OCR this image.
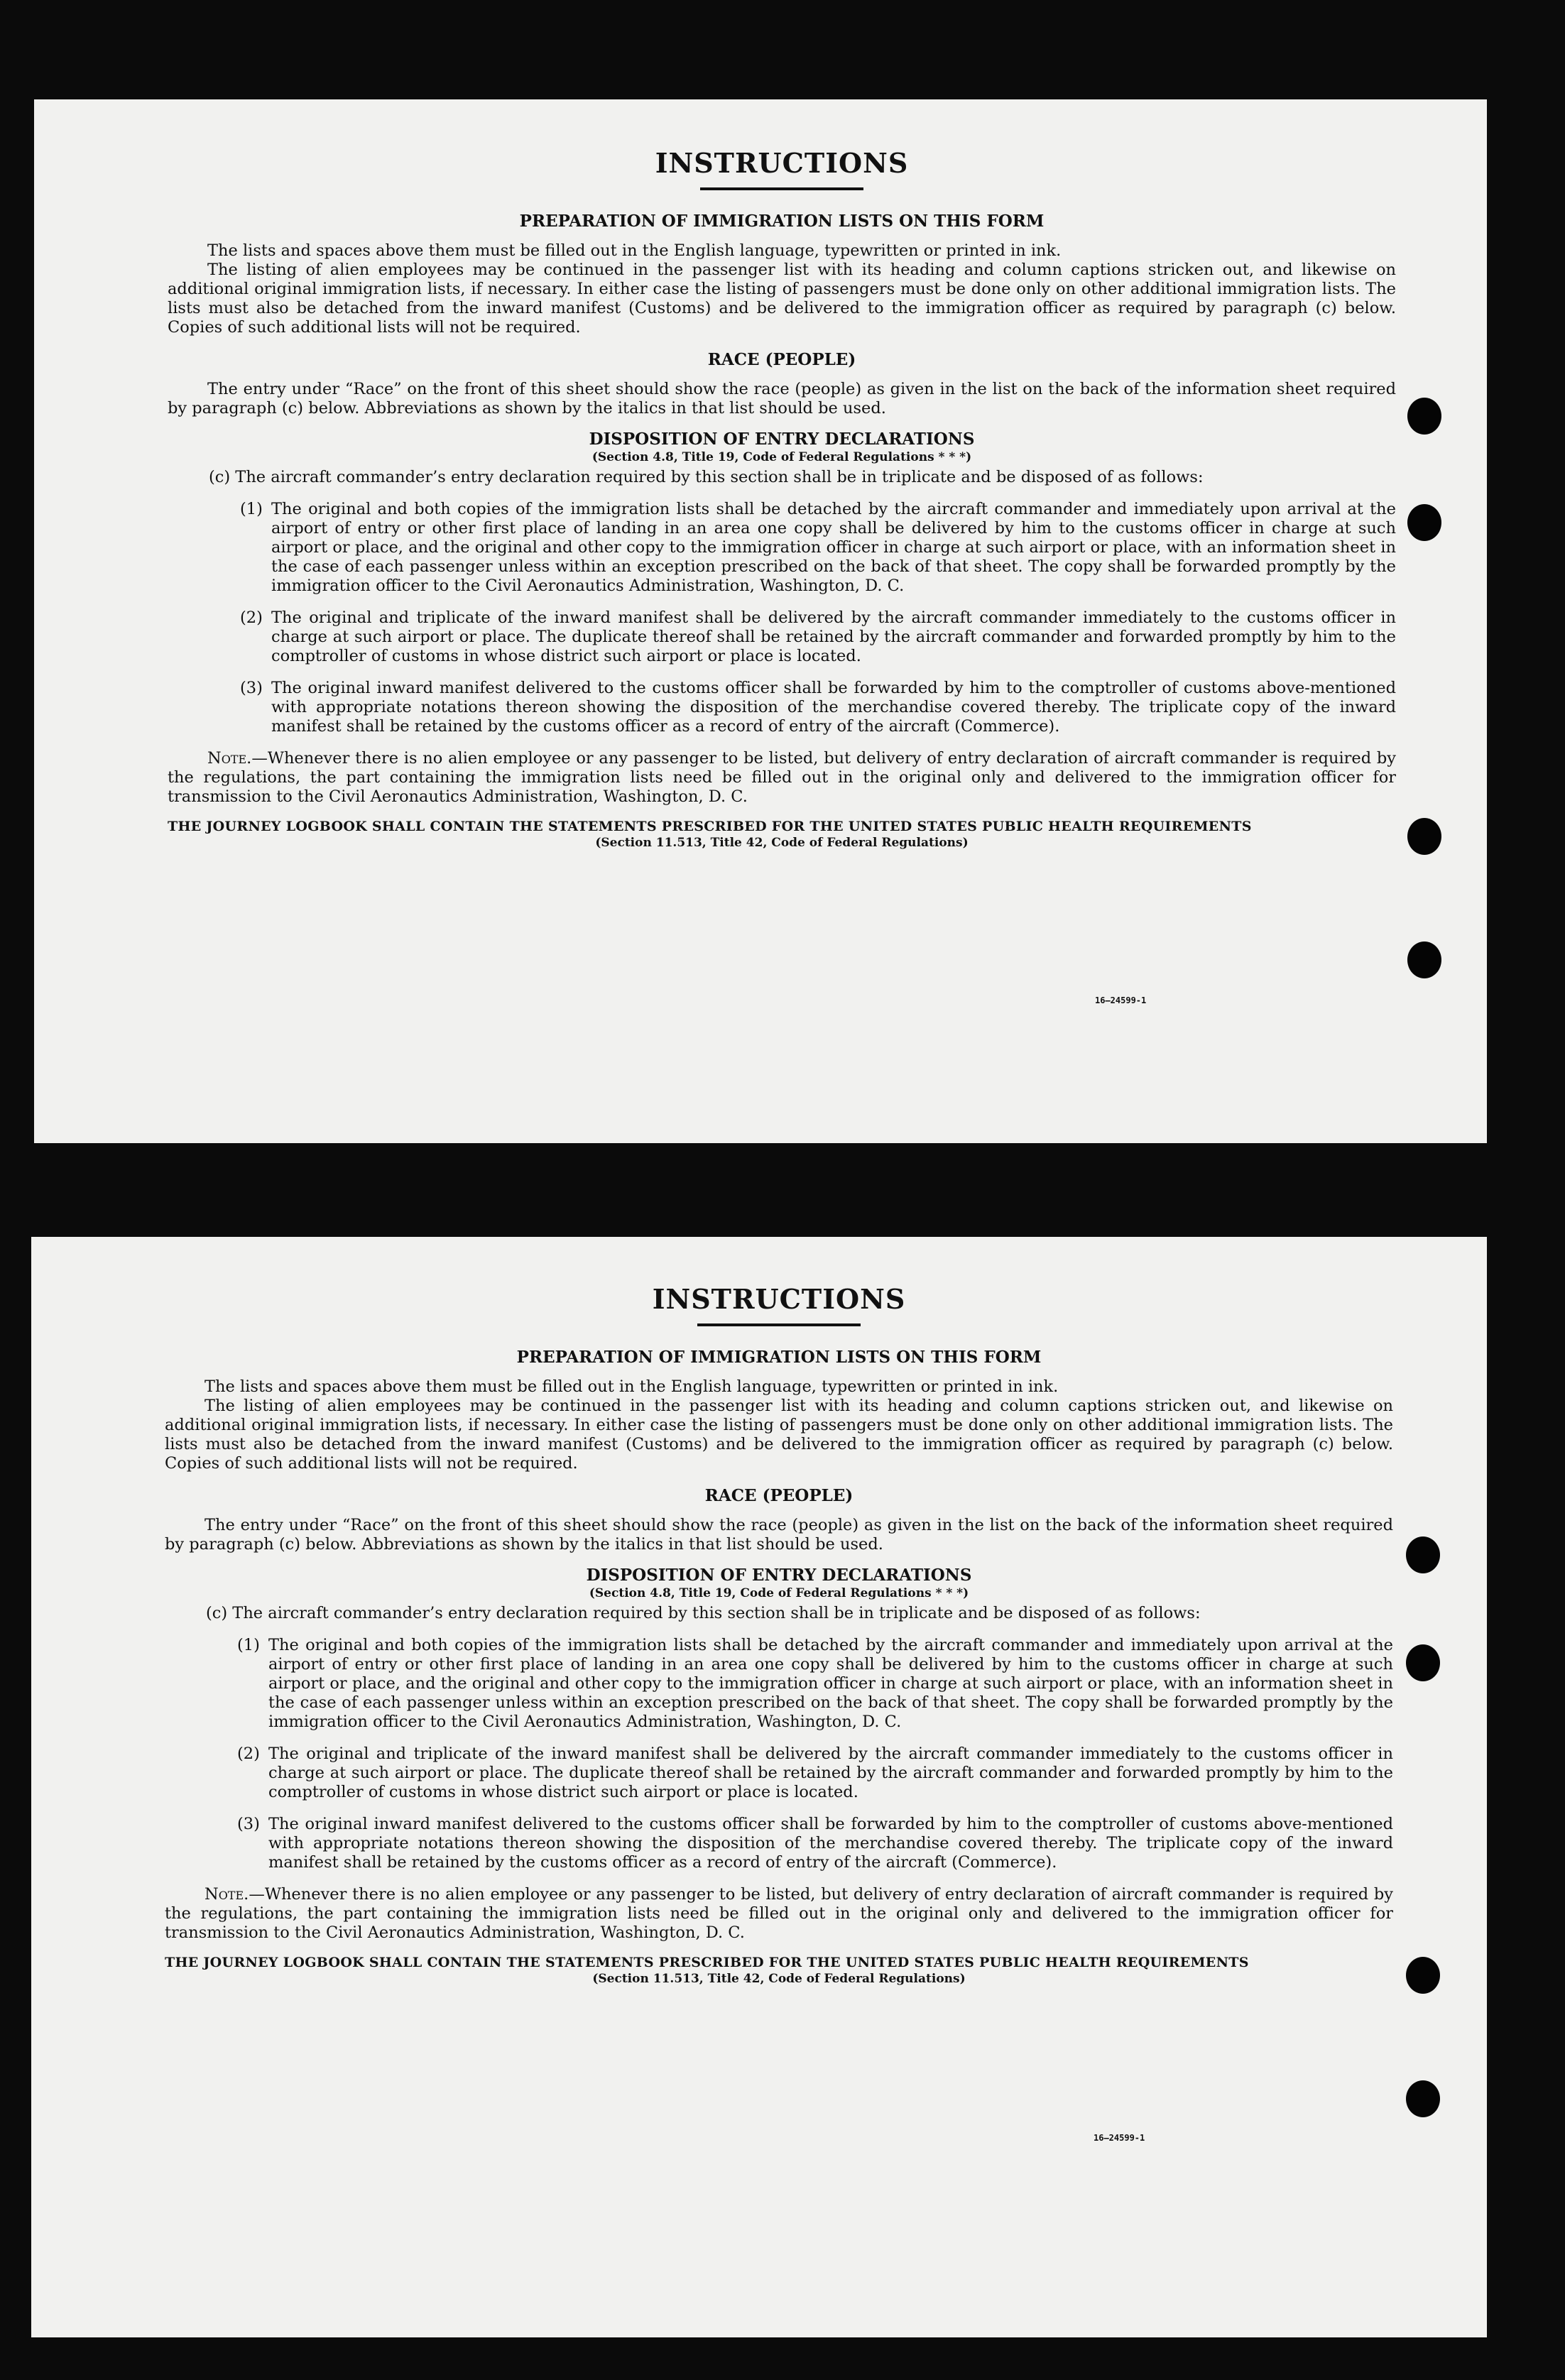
INSTRUCTIONS
PREPARATION OF IMMIGRATION LISTS ON THIS FORM

The lists and spaces above them must be filled out in the English language, typewritten or printed in ink.

The listing of alien employees may be continued in the passenger list with its heading and column captions stricken out, and likewise on additional original immigration lists, if necessary. In either case the listing of passengers must be done only on other additional immigration lists. The lists must also be detached from the inward manifest (Customs) and be delivered to the immigration officer as required by paragraph (c) below. Copies of such additional lists will not be required.

RACE (PEOPLE)

The entry under “Race” on the front of this sheet should show the race (people) as given in the list on the back of the information sheet required by paragraph (c) below. Abbreviations as shown by the italics in that list should be used.

DISPOSITION OF ENTRY DECLARATIONS

(Section 4.8, Title 19, Code of Federal Regulations * * *)

(c) The aircraft commander’s entry declaration required by this section shall be in triplicate and be disposed of as follows:

(1) The original and both copies of the immigration lists shall be detached by the aircraft commander and immediately upon arrival at the airport of entry or other first place of landing in an area one copy shall be delivered by him to the customs officer in charge at such airport or place, and the original and other copy to the immigration officer in charge at such airport or place, with an information sheet in the case of each passenger unless within an exception prescribed on the back of that sheet. The copy shall be forwarded promptly by the immigration officer to the Civil Aeronautics Administration, Washington, D. C.

(2) The original and triplicate of the inward manifest shall be delivered by the aircraft commander immediately to the customs officer in charge at such airport or place. The duplicate thereof shall be retained by the aircraft commander and forwarded promptly by him to the comptroller of customs in whose district such airport or place is located.

(3) The original inward manifest delivered to the customs officer shall be forwarded by him to the comptroller of customs above-mentioned with appropriate notations thereon showing the disposition of the merchandise covered thereby. The triplicate copy of the inward manifest shall be retained by the customs officer as a record of entry of the aircraft (Commerce).

Note.—Whenever there is no alien employee or any passenger to be listed, but delivery of entry declaration of aircraft commander is required by the regulations, the part containing the immigration lists need be filled out in the original only and delivered to the immigration officer for transmission to the Civil Aeronautics Administration, Washington, D. C.

THE JOURNEY LOGBOOK SHALL CONTAIN THE STATEMENTS PRESCRIBED FOR THE UNITED STATES PUBLIC HEALTH REQUIREMENTS

(Section 11.513, Title 42, Code of Federal Regulations)

16—24599-1
INSTRUCTIONS
PREPARATION OF IMMIGRATION LISTS ON THIS FORM

The lists and spaces above them must be filled out in the English language, typewritten or printed in ink.

The listing of alien employees may be continued in the passenger list with its heading and column captions stricken out, and likewise on additional original immigration lists, if necessary. In either case the listing of passengers must be done only on other additional immigration lists. The lists must also be detached from the inward manifest (Customs) and be delivered to the immigration officer as required by paragraph (c) below. Copies of such additional lists will not be required.

RACE (PEOPLE)

The entry under “Race” on the front of this sheet should show the race (people) as given in the list on the back of the information sheet required by paragraph (c) below. Abbreviations as shown by the italics in that list should be used.

DISPOSITION OF ENTRY DECLARATIONS

(Section 4.8, Title 19, Code of Federal Regulations * * *)

(c) The aircraft commander’s entry declaration required by this section shall be in triplicate and be disposed of as follows:

(1) The original and both copies of the immigration lists shall be detached by the aircraft commander and immediately upon arrival at the airport of entry or other first place of landing in an area one copy shall be delivered by him to the customs officer in charge at such airport or place, and the original and other copy to the immigration officer in charge at such airport or place, with an information sheet in the case of each passenger unless within an exception prescribed on the back of that sheet. The copy shall be forwarded promptly by the immigration officer to the Civil Aeronautics Administration, Washington, D. C.

(2) The original and triplicate of the inward manifest shall be delivered by the aircraft commander immediately to the customs officer in charge at such airport or place. The duplicate thereof shall be retained by the aircraft commander and forwarded promptly by him to the comptroller of customs in whose district such airport or place is located.

(3) The original inward manifest delivered to the customs officer shall be forwarded by him to the comptroller of customs above-mentioned with appropriate notations thereon showing the disposition of the merchandise covered thereby. The triplicate copy of the inward manifest shall be retained by the customs officer as a record of entry of the aircraft (Commerce).

Note.—Whenever there is no alien employee or any passenger to be listed, but delivery of entry declaration of aircraft commander is required by the regulations, the part containing the immigration lists need be filled out in the original only and delivered to the immigration officer for transmission to the Civil Aeronautics Administration, Washington, D. C.

THE JOURNEY LOGBOOK SHALL CONTAIN THE STATEMENTS PRESCRIBED FOR THE UNITED STATES PUBLIC HEALTH REQUIREMENTS

(Section 11.513, Title 42, Code of Federal Regulations)

16—24599-1
